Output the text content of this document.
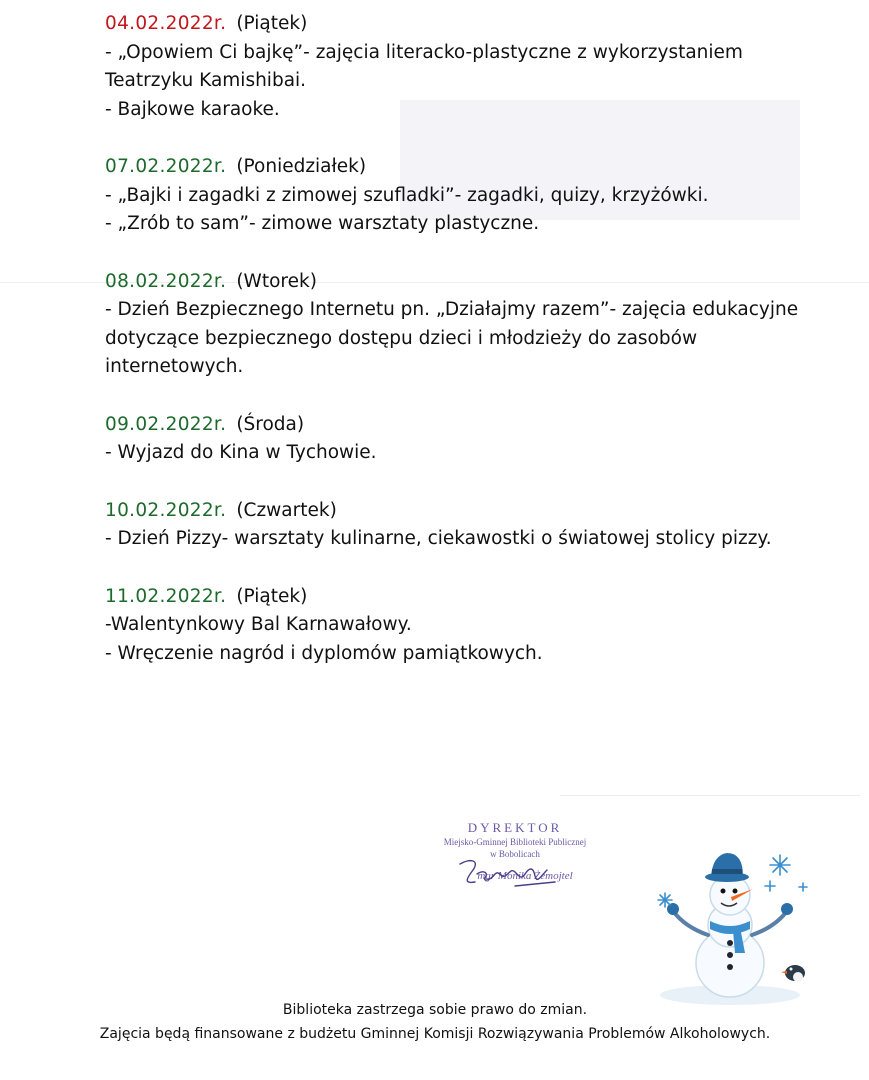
04.02.2022r. (Piątek)
- „Opowiem Ci bajkę”- zajęcia literacko-plastyczne z wykorzystaniem Teatrzyku Kamishibai.
- Bajkowe karaoke.
07.02.2022r. (Poniedziałek)
- „Bajki i zagadki z zimowej szufladki”- zagadki, quizy, krzyżówki.
- „Zrób to sam”- zimowe warsztaty plastyczne.
08.02.2022r. (Wtorek)
- Dzień Bezpiecznego Internetu pn. „Działajmy razem”- zajęcia edukacyjne dotyczące bezpiecznego dostępu dzieci i młodzieży do zasobów internetowych.
09.02.2022r. (Środa)
- Wyjazd do Kina w Tychowie.
10.02.2022r. (Czwartek)
- Dzień Pizzy- warsztaty kulinarne, ciekawostki o światowej stolicy pizzy.
11.02.2022r. (Piątek)
-Walentynkowy Bal Karnawałowy.
- Wręczenie nagród i dyplomów pamiątkowych.
DYREKTOR
Miejsko-Gminnej Biblioteki Publicznej
w Bobolicach
mgr Monika Żemojtel
Biblioteka zastrzega sobie prawo do zmian.
Zajęcia będą finansowane z budżetu Gminnej Komisji Rozwiązywania Problemów Alkoholowych.
